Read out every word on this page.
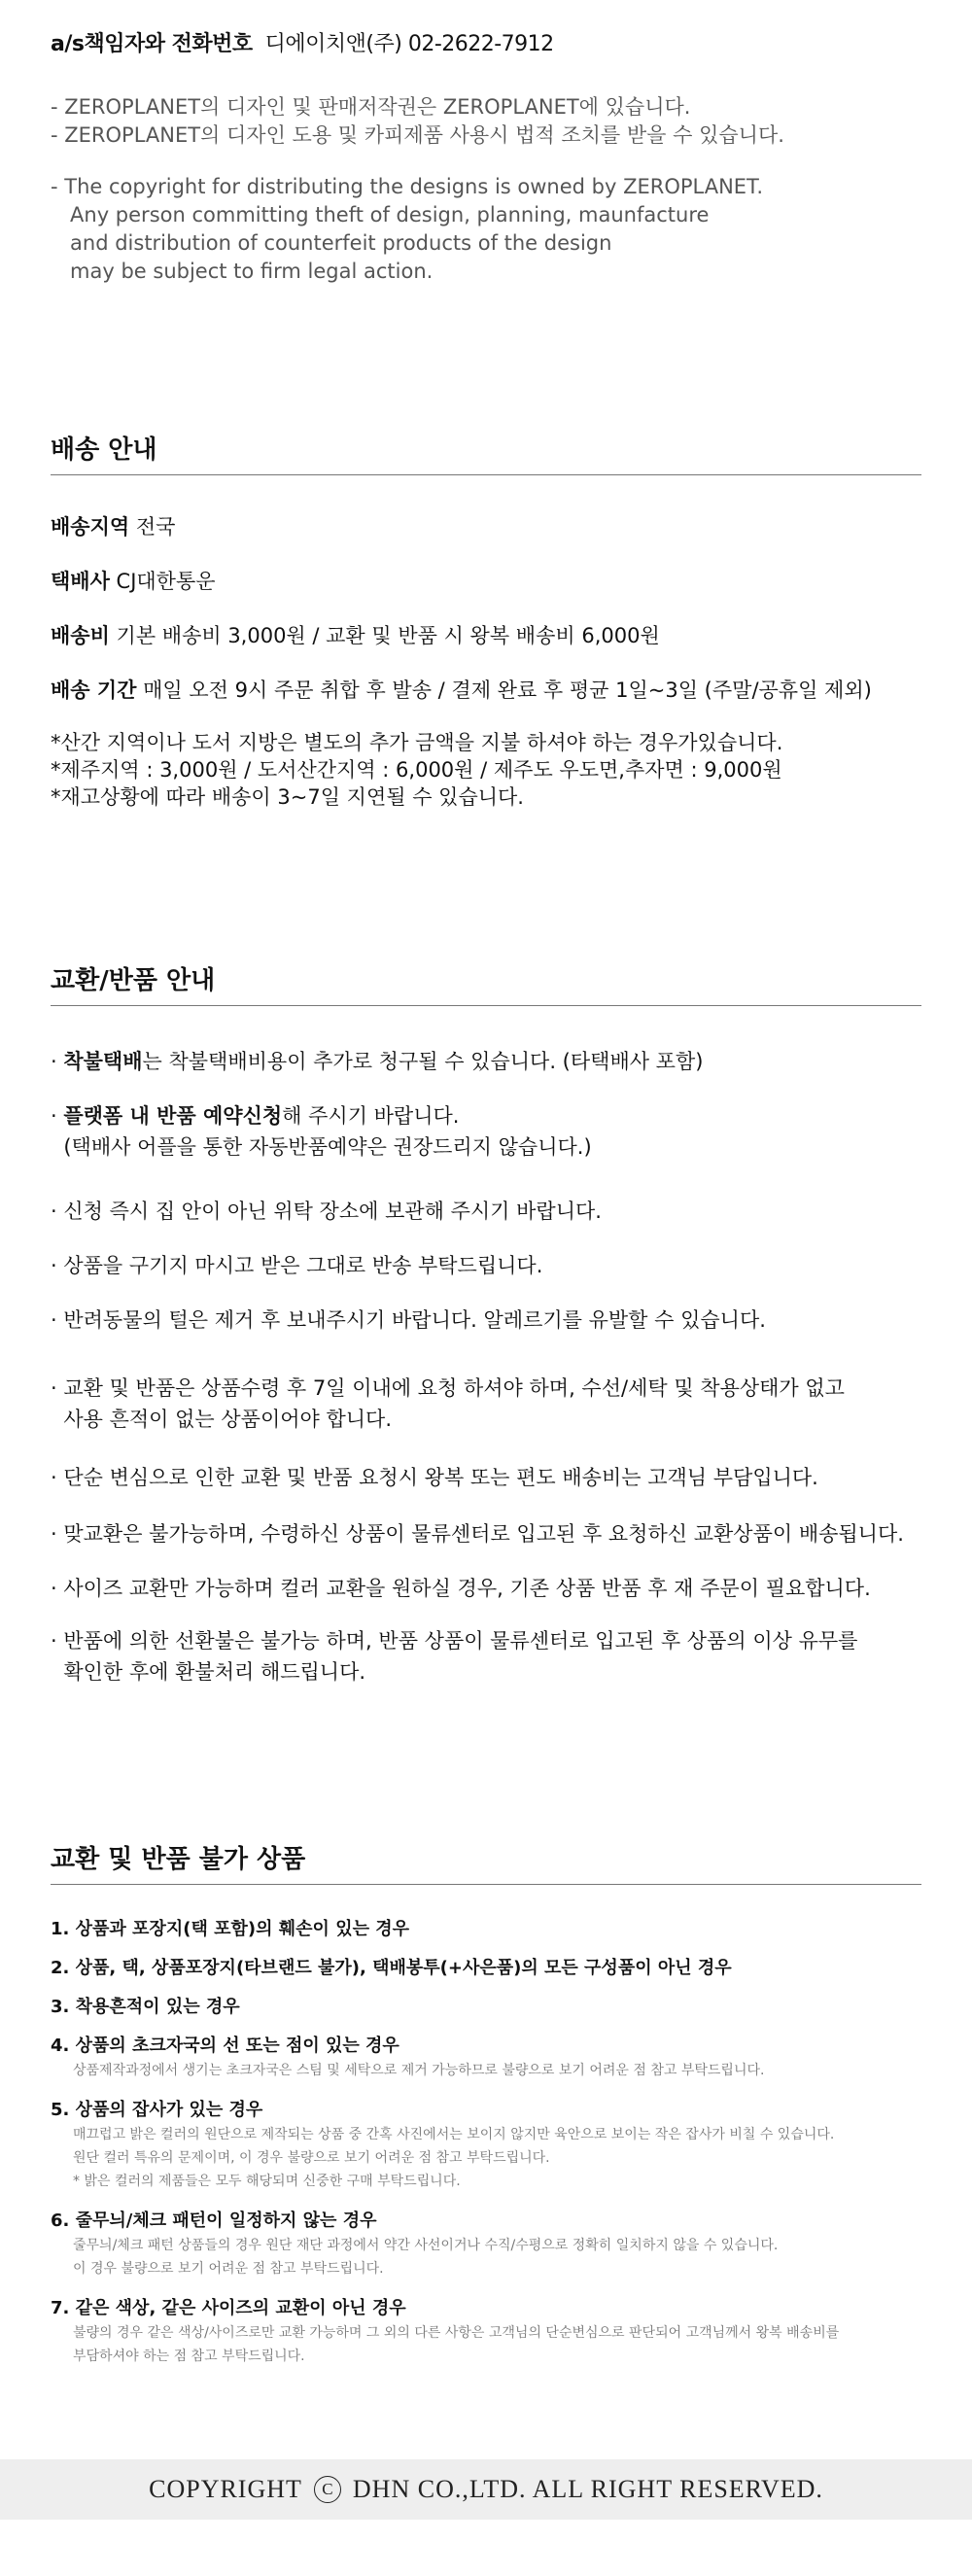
a/s책임자와 전화번호 디에이치앤(주) 02-2622-7912

- ZEROPLANET의 디자인 및 판매저작권은 ZEROPLANET에 있습니다.

- ZEROPLANET의 디자인 도용 및 카피제품 사용시 법적 조치를 받을 수 있습니다.

- The copyright for distributing the designs is owned by ZEROPLANET.

Any person committing theft of design, planning, maunfacture

and distribution of counterfeit products of the design

may be subject to firm legal action.

배송 안내
배송지역 전국
택배사 CJ대한통운
배송비 기본 배송비 3,000원 / 교환 및 반품 시 왕복 배송비 6,000원
배송 기간 매일 오전 9시 주문 취합 후 발송 / 결제 완료 후 평균 1일~3일 (주말/공휴일 제외)

*산간 지역이나 도서 지방은 별도의 추가 금액을 지불 하셔야 하는 경우가있습니다.

*제주지역 : 3,000원 / 도서산간지역 : 6,000원 / 제주도 우도면,추자면 : 9,000원

*재고상황에 따라 배송이 3~7일 지연될 수 있습니다.

교환/반품 안내

· 착불택배는 착불택배비용이 추가로 청구될 수 있습니다. (타택배사 포함)

· 플랫폼 내 반품 예약신청해 주시기 바랍니다.

(택배사 어플을 통한 자동반품예약은 권장드리지 않습니다.)

· 신청 즉시 집 안이 아닌 위탁 장소에 보관해 주시기 바랍니다.

· 상품을 구기지 마시고 받은 그대로 반송 부탁드립니다.

· 반려동물의 털은 제거 후 보내주시기 바랍니다. 알레르기를 유발할 수 있습니다.

· 교환 및 반품은 상품수령 후 7일 이내에 요청 하셔야 하며, 수선/세탁 및 착용상태가 없고

사용 흔적이 없는 상품이어야 합니다.

· 단순 변심으로 인한 교환 및 반품 요청시 왕복 또는 편도 배송비는 고객님 부담입니다.

· 맞교환은 불가능하며, 수령하신 상품이 물류센터로 입고된 후 요청하신 교환상품이 배송됩니다.

· 사이즈 교환만 가능하며 컬러 교환을 원하실 경우, 기존 상품 반품 후 재 주문이 필요합니다.

· 반품에 의한 선환불은 불가능 하며, 반품 상품이 물류센터로 입고된 후 상품의 이상 유무를

확인한 후에 환불처리 해드립니다.

교환 및 반품 불가 상품
1. 상품과 포장지(택 포함)의 훼손이 있는 경우
2. 상품, 택, 상품포장지(타브랜드 불가), 택배봉투(+사은품)의 모든 구성품이 아닌 경우
3. 착용흔적이 있는 경우
4. 상품의 초크자국의 선 또는 점이 있는 경우
상품제작과정에서 생기는 초크자국은 스팀 및 세탁으로 제거 가능하므로 불량으로 보기 어려운 점 참고 부탁드립니다.
5. 상품의 잡사가 있는 경우
매끄럽고 밝은 컬러의 원단으로 제작되는 상품 중 간혹 사진에서는 보이지 않지만 육안으로 보이는 작은 잡사가 비칠 수 있습니다.
원단 컬러 특유의 문제이며, 이 경우 불량으로 보기 어려운 점 참고 부탁드립니다.
* 밝은 컬러의 제품들은 모두 해당되며 신중한 구매 부탁드립니다.
6. 줄무늬/체크 패턴이 일정하지 않는 경우
줄무늬/체크 패턴 상품들의 경우 원단 재단 과정에서 약간 사선이거나 수직/수평으로 정확히 일치하지 않을 수 있습니다.
이 경우 불량으로 보기 어려운 점 참고 부탁드립니다.
7. 같은 색상, 같은 사이즈의 교환이 아닌 경우
불량의 경우 같은 색상/사이즈로만 교환 가능하며 그 외의 다른 사항은 고객님의 단순변심으로 판단되어 고객님께서 왕복 배송비를
부담하셔야 하는 점 참고 부탁드립니다.
COPYRIGHT	C DHN CO.,LTD. ALL RIGHT RESERVED.
